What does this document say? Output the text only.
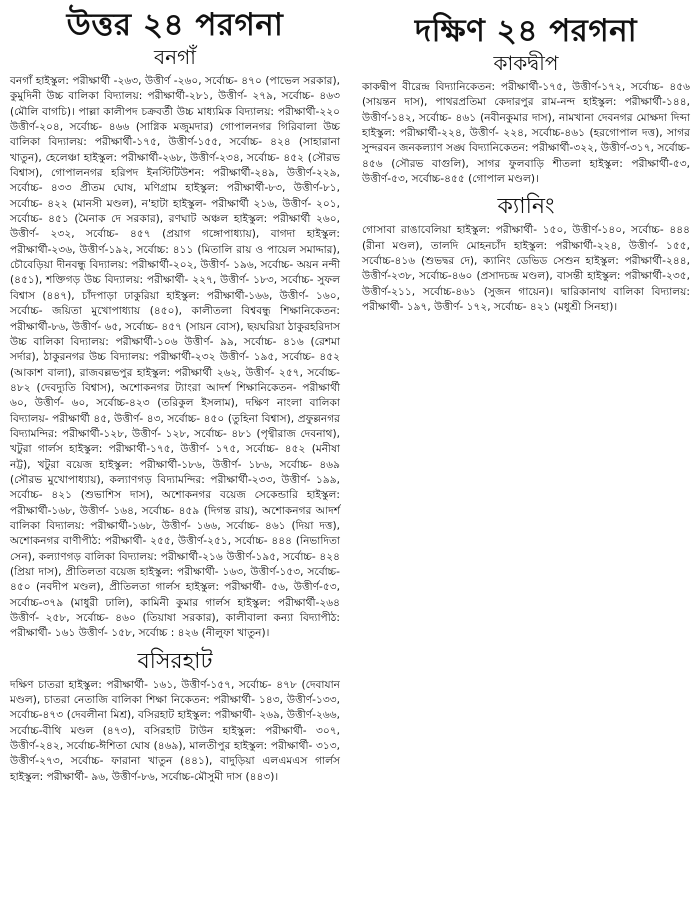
উত্তর ২৪ পরগনা
বনগাঁ

বনগাঁ হাইস্কুল: পরীক্ষার্থী -২৬৩, উত্তীর্ণ -২৬০, সর্বোচ্চ- ৪৭০ (পাভেল সরকার), কুমুদিনী উচ্চ বালিকা বিদ্যালয়: পরীক্ষার্থী-২৮১, উত্তীর্ণ- ২৭৯, সর্বোচ্চ- ৪৬৩ (মৌলি বাগচি)। পাল্লা কালীপদ চক্রবর্তী উচ্চ মাধ্যমিক বিদ্যালয়: পরীক্ষার্থী-২২০ উত্তীর্ণ-২০৪, সর্বোচ্চ- ৪৬৬ (সাগ্নিক মজুমদার) গোপালনগর গিরিবালা উচ্চ বালিকা বিদ্যালয়: পরীক্ষার্থী-১৭৫, উত্তীর্ণ-১৫৫, সর্বোচ্চ- ৪২৪ (সাহারানা খাতুন), হেলেঞ্চা হাইস্কুল: পরীক্ষার্থী-২৬৮, উত্তীর্ণ-২৩৪, সর্বোচ্চ- ৪৫২ (সৌরভ বিশ্বাস), গোপালনগর হরিপদ ইনস্টিটিউশন: পরীক্ষার্থী-২৪৯, উত্তীর্ণ-২২৯, সর্বোচ্চ- ৪৩৩ প্রীতম ঘোষ, মণিগ্রাম হাইস্কুল: পরীক্ষার্থী-৮৩, উত্তীর্ণ-৮১, সর্বোচ্চ- ৪২২ (মানসী মণ্ডল), ন'হাটা হাইস্কুল- পরীক্ষার্থী ২১৬, উত্তীর্ণ- ২০১, সর্বোচ্চ- ৪৫১ (মৈনাক দে সরকার), রণঘাট অঞ্চল হাইস্কুল: পরীক্ষার্থী ২৬০, উত্তীর্ণ- ২৩২, সর্বোচ্চ- ৪৫৭ (প্রয়াগ গঙ্গোপাধ্যায়), বাগদা হাইস্কুল: পরীক্ষার্থী-২৩৬, উত্তীর্ণ-১৯২, সর্বোচ্চ: ৪১১ (মিতালি রায় ও পায়েল সমাদ্দার), চৌবেড়িয়া দীনবন্ধু বিদ্যালয়: পরীক্ষার্থী-২০২, উত্তীর্ণ- ১৯৬, সর্বোচ্চ- অয়ন নন্দী (৪৫১), শক্তিগড় উচ্চ বিদ্যালয়: পরীক্ষার্থী- ২২৭, উত্তীর্ণ- ১৮৩, সর্বোচ্চ- সুফল বিশ্বাস (৪৪৭), চাঁদপাড়া ঢাকুরিয়া হাইস্কুল: পরীক্ষার্থী-১৬৬, উত্তীর্ণ- ১৬০, সর্বোচ্চ- জয়িতা মুখোপাধ্যায় (৪৫০), কালীতলা বিশ্ববন্ধু শিক্ষানিকেতন: পরীক্ষার্থী-৮৬, উত্তীর্ণ- ৬৫, সর্বোচ্চ- ৪৫৭ (সায়ন বোস), ছয়ঘরিয়া ঠাকুরহরিদাস উচ্চ বালিকা বিদ্যালয়: পরীক্ষার্থী-১০৬ উত্তীর্ণ- ৯৯, সর্বোচ্চ- ৪১৬ (রেশমা সর্দার), ঠাকুরনগর উচ্চ বিদ্যালয়: পরীক্ষার্থী-২৩২ উত্তীর্ণ- ১৯৫, সর্বোচ্চ- ৪৫২ (আকাশ বালা), রাজবল্লভপুর হাইস্কুল: পরীক্ষার্থী ২৬২, উত্তীর্ণ- ২৫৭, সর্বোচ্চ- ৪৮২ (দেবদ্যুতি বিশ্বাস), অশোকনগর ট্যাংরা আদর্শ শিক্ষানিকেতন- পরীক্ষার্থী ৬০, উত্তীর্ণ- ৬০, সর্বোচ্চ-৪২৩ (তরিকুল ইসলাম), দক্ষিণ নাংলা বালিকা বিদ্যালয়- পরীক্ষার্থী ৪৫, উত্তীর্ণ- ৪৩, সর্বোচ্চ- ৪৫০ (তুহিনা বিশ্বাস), প্রফুল্লনগর বিদ্যামন্দির: পরীক্ষার্থী-১২৮, উত্তীর্ণ- ১২৮, সর্বোচ্চ- ৪৮১ (পৃথ্বীরাজ দেবনাথ), খটুরা গার্লস হাইস্কুল: পরীক্ষার্থী-১৭৫, উত্তীর্ণ- ১৭৫, সর্বোচ্চ- ৪৫২ (মনীষা নট্ট), খটুরা বয়েজ হাইস্কুল: পরীক্ষার্থী-১৮৬, উত্তীর্ণ- ১৮৬, সর্বোচ্চ- ৪৬৯ (সৌরভ মুখোপাধ্যায়), কল্যাণগড় বিদ্যামন্দির: পরীক্ষার্থী-২৩৩, উত্তীর্ণ- ১৯৯, সর্বোচ্চ- ৪২১ (শুভাশিস দাস), অশোকনগর বয়েজ সেকেন্ডারি হাইস্কুল: পরীক্ষার্থী-১৬৮, উত্তীর্ণ- ১৬৪, সর্বোচ্চ- ৪৫৯ (দিগন্ত রায়), অশোকনগর আদর্শ বালিকা বিদ্যালয়: পরীক্ষার্থী-১৬৮, উত্তীর্ণ- ১৬৬, সর্বোচ্চ- ৪৬১ (দিয়া দত্ত), অশোকনগর বাণীপীঠ: পরীক্ষার্থী- ২৫৫, উত্তীর্ণ-২৫১, সর্বোচ্চ- ৪৪৪ (নিভাদিতা সেন), কল্যাণগড় বালিকা বিদ্যালয়: পরীক্ষার্থী-২১৬ উত্তীর্ণ-১৯৫, সর্বোচ্চ- ৪২৪ (প্রিয়া দাস), প্রীতিলতা বয়েজ হাইস্কুল: পরীক্ষার্থী- ১৬৩, উত্তীর্ণ-১৫৩, সর্বোচ্চ- ৪৫০ (নবদীপ মণ্ডল), প্রীতিলতা গার্লস হাইস্কুল: পরীক্ষার্থী- ৫৬, উত্তীর্ণ-৫৩, সর্বোচ্চ-৩৭৯ (মাধুরী ঢালি), কামিনী কুমার গার্লস হাইস্কুল: পরীক্ষার্থী-২৬৪ উত্তীর্ণ- ২৫৮, সর্বোচ্চ- ৪৬০ (তিয়াষা সরকার), কালীবালা কন্যা বিদ্যাপীঠ: পরীক্ষার্থী- ১৬১ উত্তীর্ণ- ১৫৮, সর্বোচ্চ : ৪২৬ (নীলুফা খাতুন)।

বসিরহাট

দক্ষিণ চাতরা হাইস্কুল: পরীক্ষার্থী- ১৬১, উত্তীর্ণ-১৫৭, সর্বোচ্চ- ৪৭৮ (দেবাযান মণ্ডল), চাতরা নেতাজি বালিকা শিক্ষা নিকেতন: পরীক্ষার্থী- ১৪৩, উত্তীর্ণ-১৩৩, সর্বোচ্চ-৪৭৩ (দেবলীনা মিশ্র), বসিরহাট হাইস্কুল: পরীক্ষার্থী- ২৬৯, উত্তীর্ণ-২৬৬, সর্বোচ্চ-বীথি মণ্ডল (৪৭৩), বসিরহাট টাউন হাইস্কুল: পরীক্ষার্থী- ৩০৭, উত্তীর্ণ-২৪২, সর্বোচ্চ-ঈশিতা ঘোষ (৪৬৯), মালতীপুর হাইস্কুল: পরীক্ষার্থী- ৩১৩, উত্তীর্ণ-২৭৩, সর্বোচ্চ- ফারানা খাতুন (৪৪১), বাদুড়িয়া এলএমএস গার্লস হাইস্কুল: পরীক্ষার্থী- ৯৬, উত্তীর্ণ-৮৬, সর্বোচ্চ-মৌসুমী দাস (৪৪৩)।

দক্ষিণ ২৪ পরগনা
কাকদ্বীপ

কাকদ্বীপ বীরেন্দ্র বিদ্যানিকেতন: পরীক্ষার্থী-১৭৫, উত্তীর্ণ-১৭২, সর্বোচ্চ- ৪৫৬ (সায়ন্তন দাস), পাথরপ্রতিমা কেদারপুর রাম-নন্দ হাইস্কুল: পরীক্ষার্থী-১৪৪, উত্তীর্ণ-১৪২, সর্বোচ্চ- ৪৬১ (নবীনকুমার দাস), নামখানা দেবনগর মোক্ষদা দিব্দা হাইস্কুল: পরীক্ষার্থী-২২৪, উত্তীর্ণ- ২২৪, সর্বোচ্চ-৪৬১ (হরগোপাল দত্ত), সাগর সুন্দরবন জনকল্যাণ সঙ্ঘ বিদ্যানিকেতন: পরীক্ষার্থী-৩২২, উত্তীর্ণ-৩১৭, সর্বোচ্চ- ৪৫৬ (সৌরভ বাগুলি), সাগর ফুলবাড়ি শীতলা হাইস্কুল: পরীক্ষার্থী-৫৩, উত্তীর্ণ-৫৩, সর্বোচ্চ-৪৫৫ (গোপাল মণ্ডল)।

ক্যানিং

গোসাবা রাঙাবেলিয়া হাইস্কুল: পরীক্ষার্থী- ১৫০, উত্তীর্ণ-১৪০, সর্বোচ্চ- ৪৪৪ (রীনা মণ্ডল), তালদি মোহনচাঁদ হাইস্কুল: পরীক্ষার্থী-২২৪, উত্তীর্ণ- ১৫৫, সর্বোচ্চ-৪১৬ (শুভদ্বর দে), ক্যানিং ডেভিড সেশুন হাইস্কুল: পরীক্ষার্থী-২৪৪, উত্তীর্ণ-২৩৮, সর্বোচ্চ-৪৬০ (প্রসাদচন্দ্র মণ্ডল), বাসন্তী হাইস্কুল: পরীক্ষার্থী-২৩৫, উত্তীর্ণ-২১১, সর্বোচ্চ-৪৬১ (সুজন গায়েন)। দ্বারিকানাথ বালিকা বিদ্যালয়: পরীক্ষার্থী- ১৯৭, উত্তীর্ণ- ১৭২, সর্বোচ্চ- ৪২১ (মধুশ্রী সিনহা)।
